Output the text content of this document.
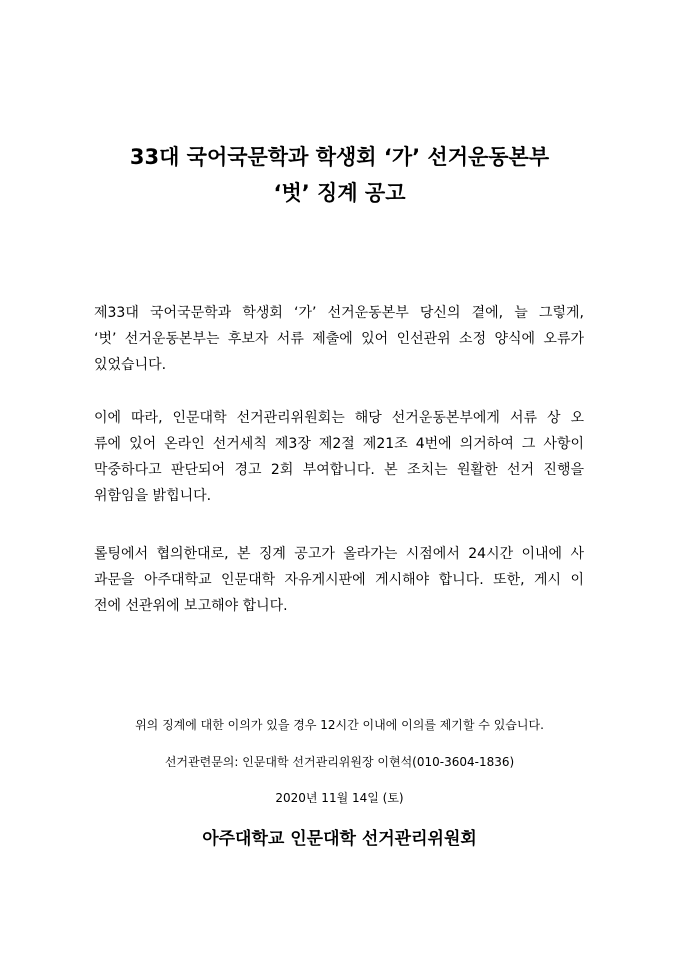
33대 국어국문학과 학생회 ‘가’ 선거운동본부
‘벗’ 징계 공고
제33대 국어국문학과 학생회 ‘가’ 선거운동본부 당신의 곁에, 늘 그렇게,
‘벗’ 선거운동본부는 후보자 서류 제출에 있어 인선관위 소정 양식에 오류가
있었습니다.
이에 따라, 인문대학 선거관리위원회는 해당 선거운동본부에게 서류 상 오
류에 있어 온라인 선거세칙 제3장 제2절 제21조 4번에 의거하여 그 사항이
막중하다고 판단되어 경고 2회 부여합니다. 본 조치는 원활한 선거 진행을
위함임을 밝힙니다.
롤팅에서 협의한대로, 본 징계 공고가 올라가는 시점에서 24시간 이내에 사
과문을 아주대학교 인문대학 자유게시판에 게시해야 합니다. 또한, 게시 이
전에 선관위에 보고해야 합니다.
위의 징계에 대한 이의가 있을 경우 12시간 이내에 이의를 제기할 수 있습니다.
선거관련문의: 인문대학 선거관리위원장 이현석(010-3604-1836)
2020년 11월 14일 (토)
아주대학교 인문대학 선거관리위원회
